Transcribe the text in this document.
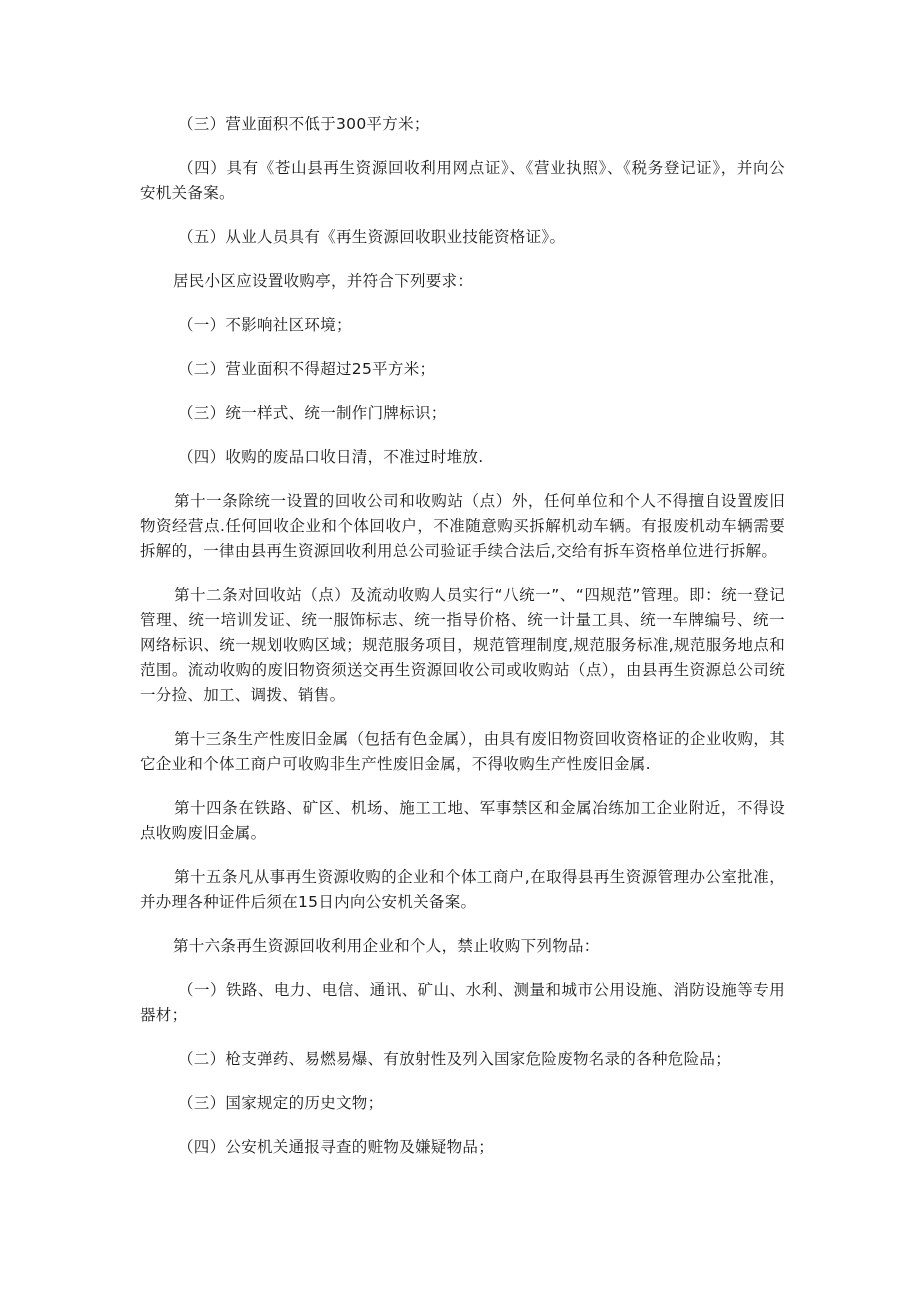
（三）营业面积不低于300平方米；

（四）具有《苍山县再生资源回收利用网点证》、《营业执照》、《税务登记证》，并向公安机关备案。

（五）从业人员具有《再生资源回收职业技能资格证》。

居民小区应设置收购亭，并符合下列要求：

（一）不影响社区环境；

（二）营业面积不得超过25平方米；

（三）统一样式、统一制作门牌标识；

（四）收购的废品口收日清，不准过时堆放.

第十一条除统一设置的回收公司和收购站（点）外，任何单位和个人不得擅自设置废旧物资经营点.任何回收企业和个体回收户，不准随意购买拆解机动车辆。有报废机动车辆需要拆解的，一律由县再生资源回收利用总公司验证手续合法后,交给有拆车资格单位进行拆解。

第十二条对回收站（点）及流动收购人员实行“八统一”、“四规范”管理。即：统一登记管理、统一培训发证、统一服饰标志、统一指导价格、统一计量工具、统一车牌编号、统一网络标识、统一规划收购区域；规范服务项目，规范管理制度,规范服务标准,规范服务地点和范围。流动收购的废旧物资须送交再生资源回收公司或收购站（点），由县再生资源总公司统一分捡、加工、调拨、销售。

第十三条生产性废旧金属（包括有色金属），由具有废旧物资回收资格证的企业收购，其它企业和个体工商户可收购非生产性废旧金属，不得收购生产性废旧金属.

第十四条在铁路、矿区、机场、施工工地、军事禁区和金属冶练加工企业附近，不得设点收购废旧金属。

第十五条凡从事再生资源收购的企业和个体工商户,在取得县再生资源管理办公室批准，并办理各种证件后须在15日内向公安机关备案。

第十六条再生资源回收利用企业和个人，禁止收购下列物品：

（一）铁路、电力、电信、通讯、矿山、水利、测量和城市公用设施、消防设施等专用器材；

（二）枪支弹药、易燃易爆、有放射性及列入国家危险废物名录的各种危险品；

（三）国家规定的历史文物；

（四）公安机关通报寻查的赃物及嫌疑物品；
